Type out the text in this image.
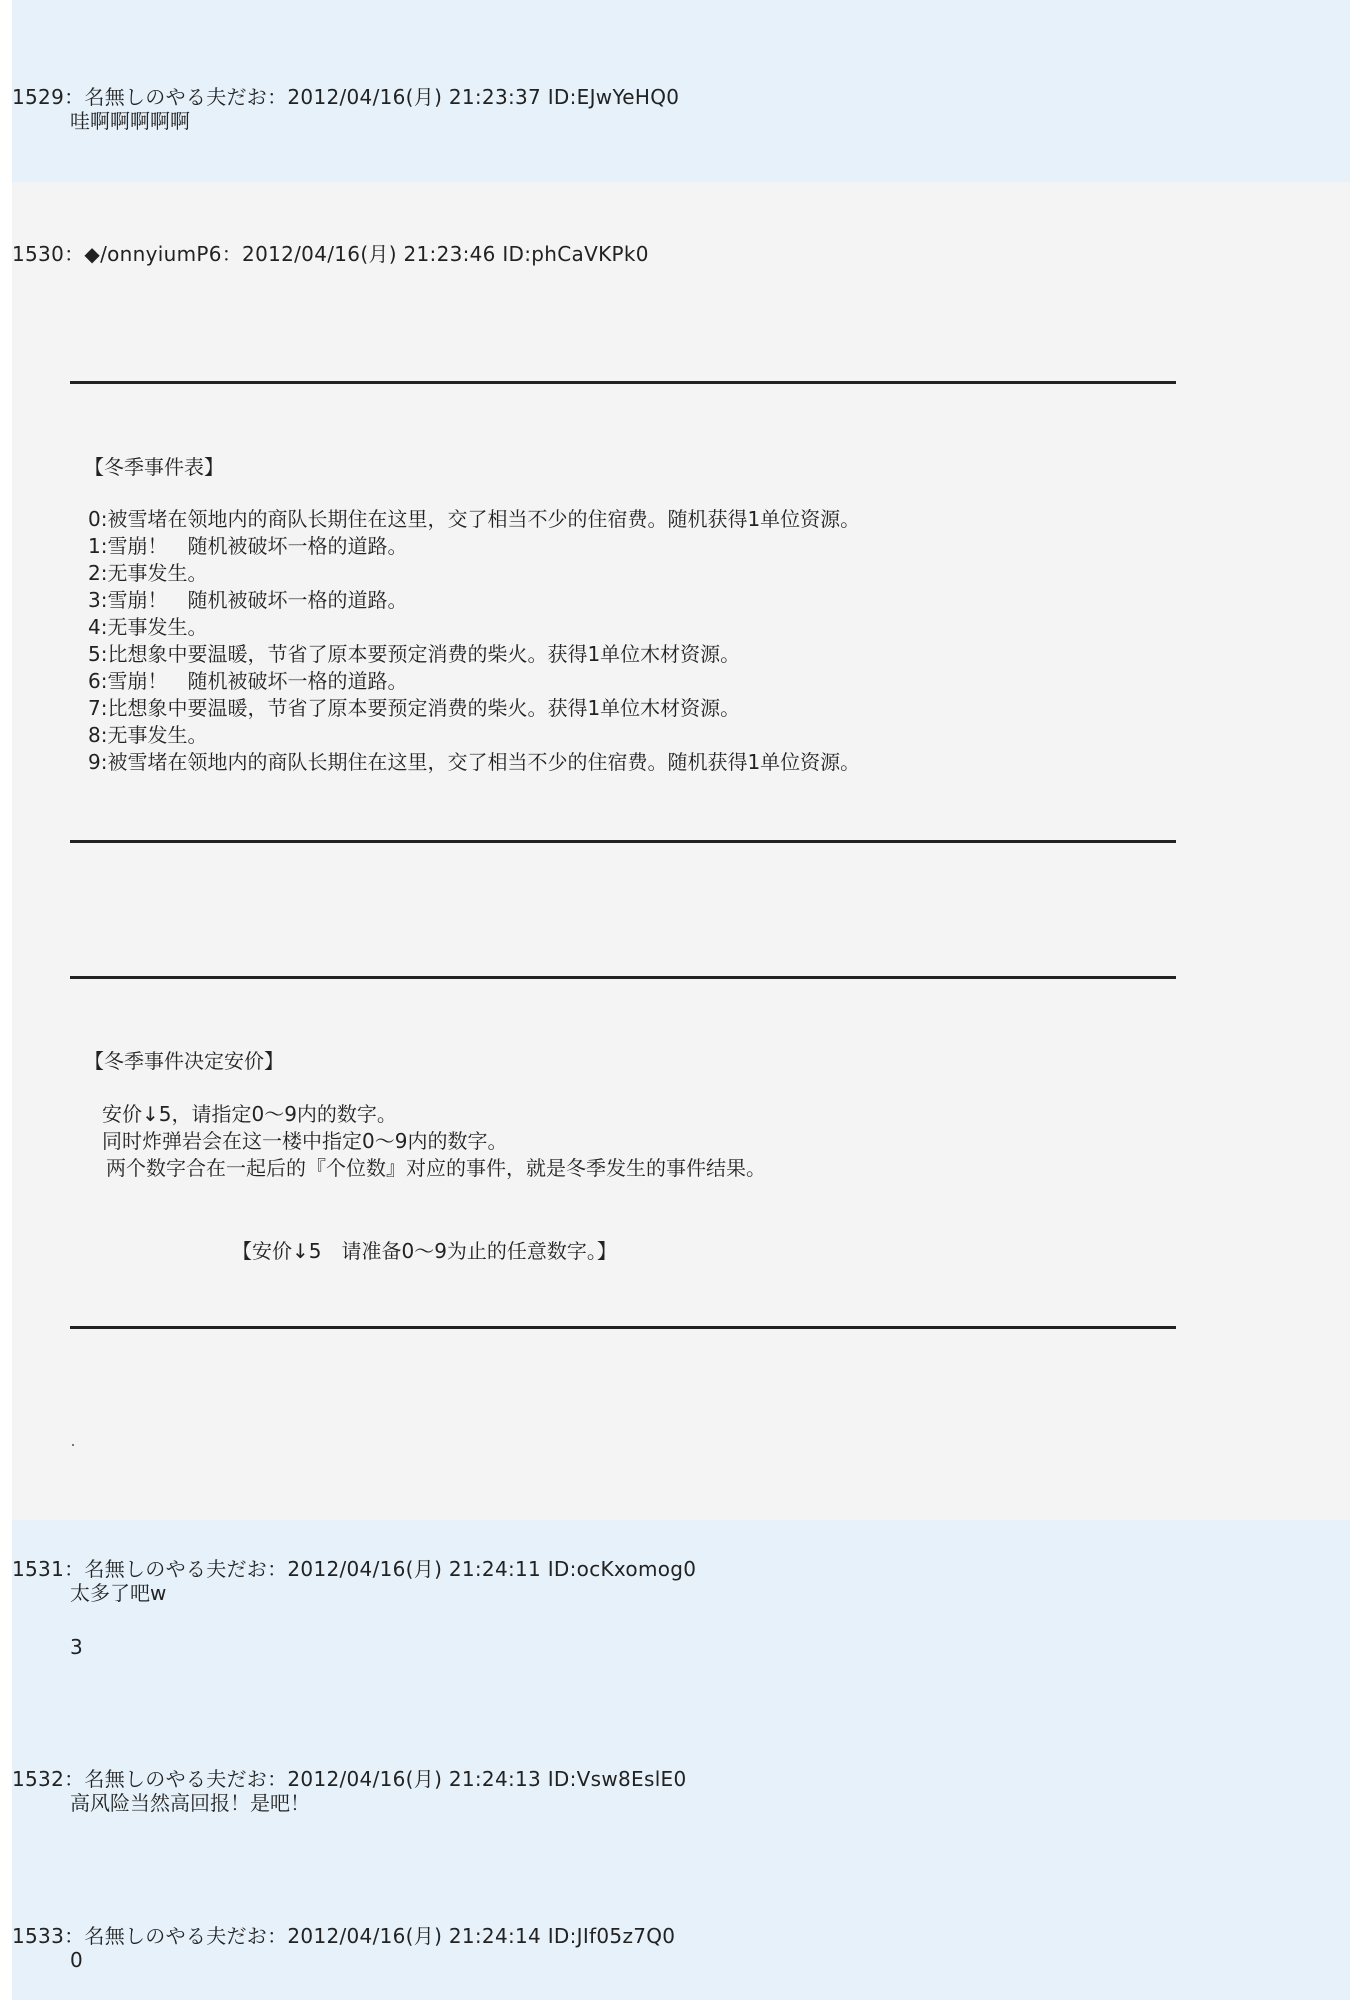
1529：名無しのやる夫だお：2012/04/16(月) 21:23:37 ID:EJwYeHQ0
哇啊啊啊啊啊
1530：◆/onnyiumP6：2012/04/16(月) 21:23:46 ID:phCaVKPk0
【冬季事件表】
0:被雪堵在领地内的商队长期住在这里，交了相当不少的住宿费。随机获得1单位资源。
1:雪崩！　随机被破坏一格的道路。
2:无事发生。
3:雪崩！　随机被破坏一格的道路。
4:无事发生。
5:比想象中要温暖，节省了原本要预定消费的柴火。获得1单位木材资源。
6:雪崩！　随机被破坏一格的道路。
7:比想象中要温暖，节省了原本要预定消费的柴火。获得1单位木材资源。
8:无事发生。
9:被雪堵在领地内的商队长期住在这里，交了相当不少的住宿费。随机获得1单位资源。
【冬季事件决定安价】
安价↓5，请指定0～9内的数字。
同时炸弹岩会在这一楼中指定0～9内的数字。
两个数字合在一起后的『个位数』对应的事件，就是冬季发生的事件结果。
【安价↓5　请准备0～9为止的任意数字。】
1531：名無しのやる夫だお：2012/04/16(月) 21:24:11 ID:ocKxomog0
太多了吧w

3
1532：名無しのやる夫だお：2012/04/16(月) 21:24:13 ID:Vsw8EslE0
高风险当然高回报！是吧！
1533：名無しのやる夫だお：2012/04/16(月) 21:24:14 ID:JIf05z7Q0
0
